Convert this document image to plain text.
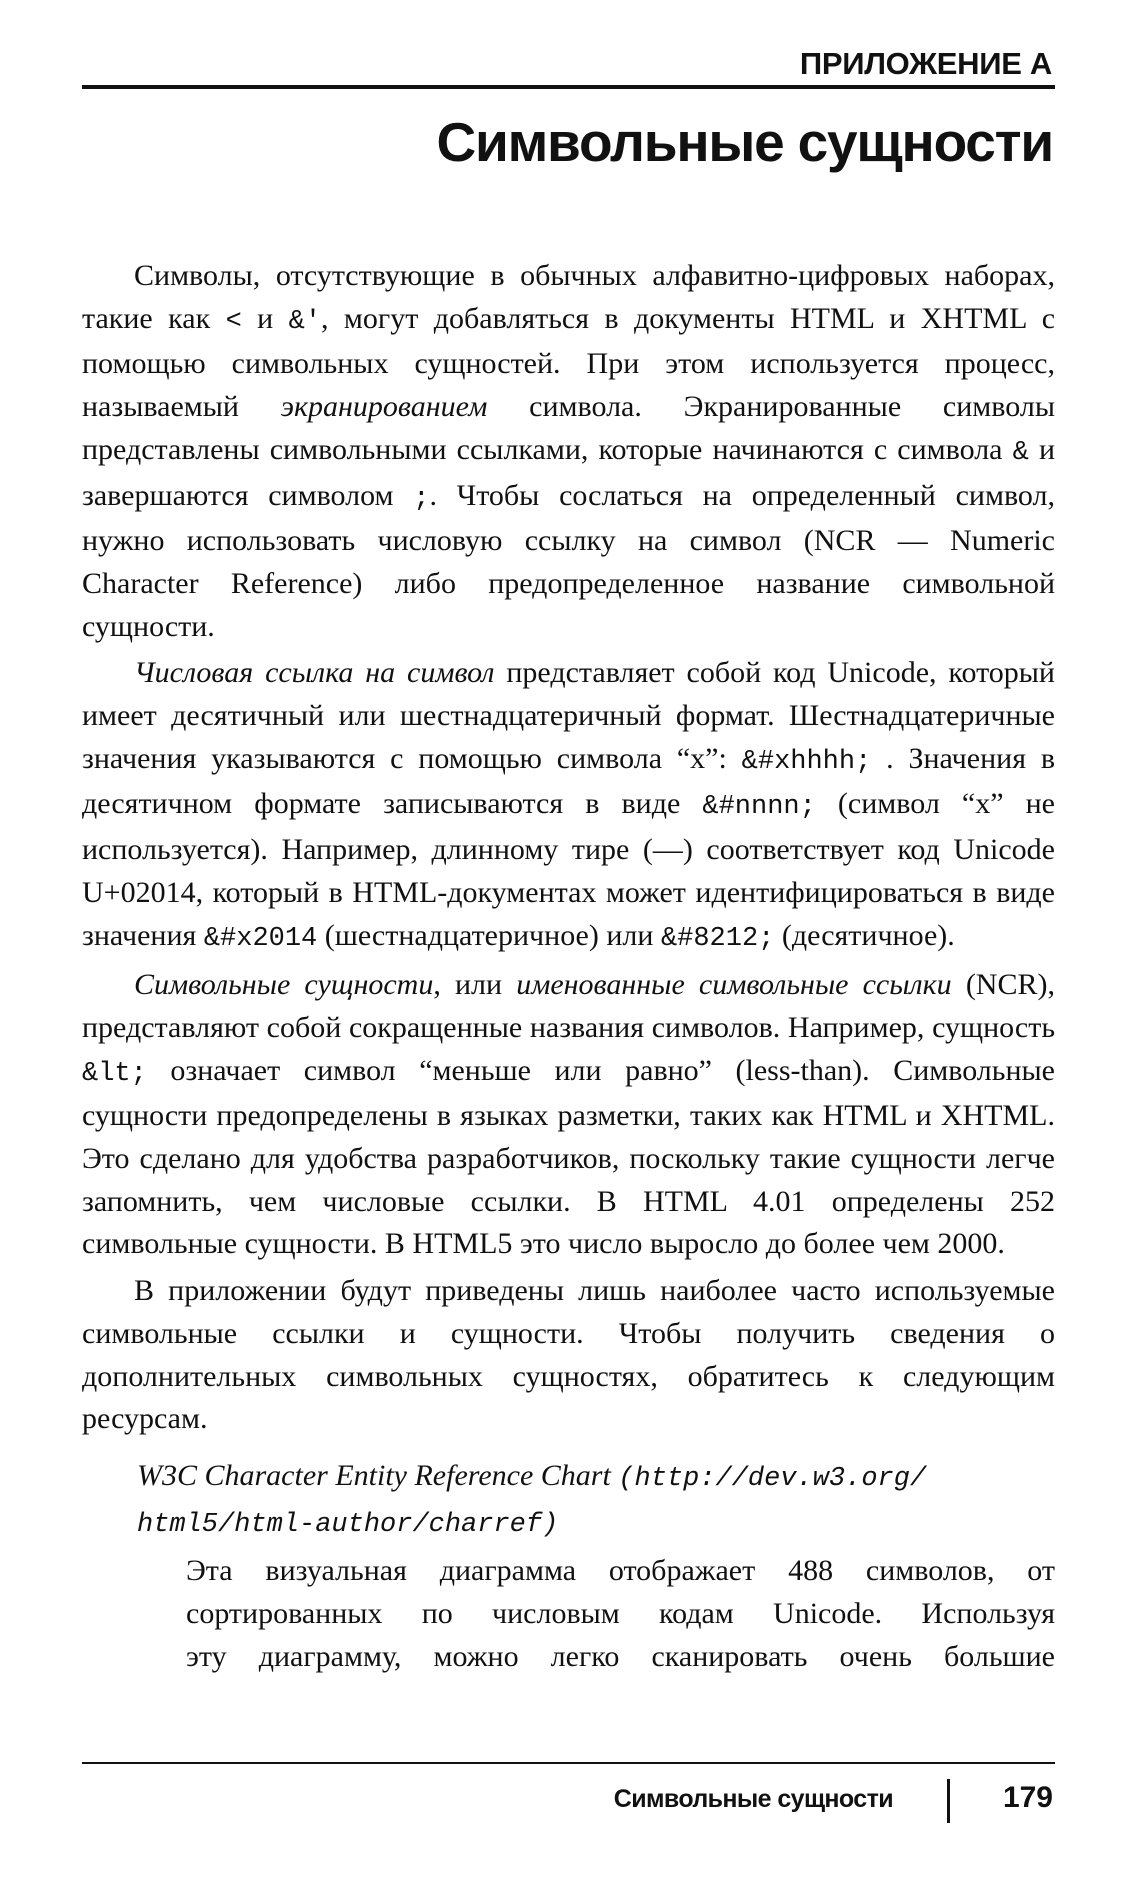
ПРИЛОЖЕНИЕ А
Символьные сущности

Символы, отсутствующие в обычных алфавитно-цифровых наборах, такие как < и &', могут добавляться в документы HTML и XHTML с помощью символьных сущностей. При этом используется процесс, называемый экранированием символа. Экранированные символы представлены символьными ссылками, которые начинаются с символа & и завершаются символом ;. Чтобы сослаться на определенный символ, нужно использовать числовую ссылку на символ (NCR — Numeric Character Reference) либо предопределенное название символьной сущности.

Числовая ссылка на символ представляет собой код Unicode, который имеет десятичный или шестнадцатеричный формат. Шестнадцатеричные значения указываются с помощью символа “x”: &#xhhhh; . Значения в десятичном формате записываются в виде &#nnnn; (символ “x” не используется). Например, длинному тире (—) соответствует код Unicode U+02014, который в HTML-документах может идентифицироваться в виде значения &#x2014 (шестнадцатеричное) или &#8212; (десятичное).

Символьные сущности, или именованные символьные ссылки (NCR), представляют собой сокращенные названия символов. Например, сущность &lt; означает символ “меньше или равно” (less-than). Символьные сущности предопределены в языках разметки, таких как HTML и XHTML. Это сделано для удобства разработчиков, поскольку такие сущности легче запомнить, чем числовые ссылки. В HTML 4.01 определены 252 символьные сущности. В HTML5 это число выросло до более чем 2000.

В приложении будут приведены лишь наиболее часто используемые символьные ссылки и сущности. Чтобы получить сведения о дополнительных символьных сущностях, обратитесь к следующим ресурсам.

W3C Character Entity Reference Chart (http://dev.w3.org/
html5/html-author/charref)
Эта визуальная диаграмма отображает 488 символов, от
сортированных по числовым кодам Unicode. Используя
эту диаграмму, можно легко сканировать очень большие
Символьные сущности	179
